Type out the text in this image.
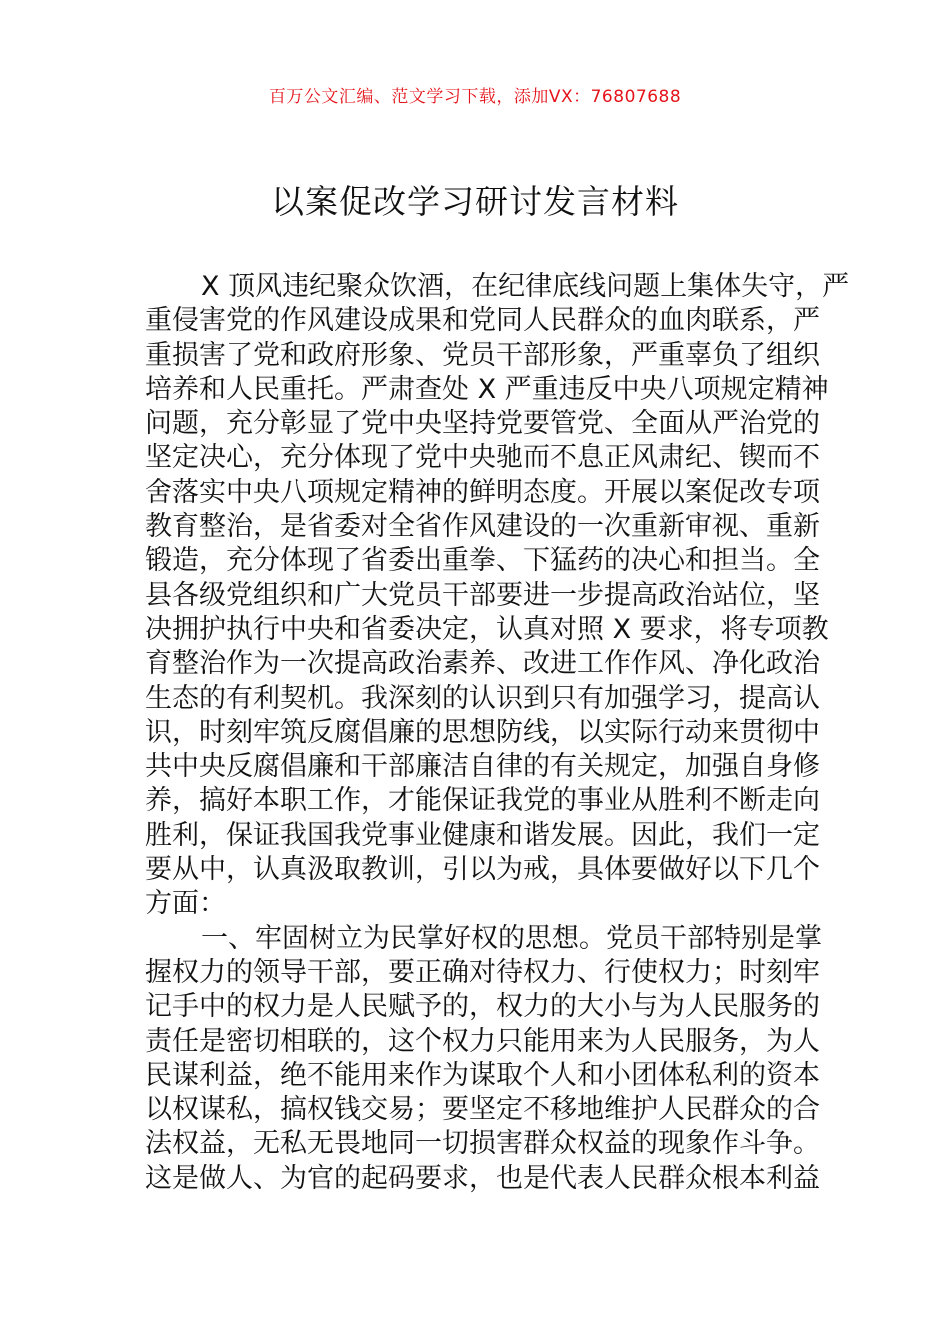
百万公文汇编、范文学习下载，添加VX：76807688
以案促改学习研讨发言材料
X 顶风违纪聚众饮酒，在纪律底线问题上集体失守，严
重侵害党的作风建设成果和党同人民群众的血肉联系，严
重损害了党和政府形象、党员干部形象，严重辜负了组织
培养和人民重托。严肃查处 X 严重违反中央八项规定精神
问题，充分彰显了党中央坚持党要管党、全面从严治党的
坚定决心，充分体现了党中央驰而不息正风肃纪、锲而不
舍落实中央八项规定精神的鲜明态度。开展以案促改专项
教育整治，是省委对全省作风建设的一次重新审视、重新
锻造，充分体现了省委出重拳、下猛药的决心和担当。全
县各级党组织和广大党员干部要进一步提高政治站位，坚
决拥护执行中央和省委决定，认真对照 X 要求，将专项教
育整治作为一次提高政治素养、改进工作作风、净化政治
生态的有利契机。我深刻的认识到只有加强学习，提高认
识，时刻牢筑反腐倡廉的思想防线，以实际行动来贯彻中
共中央反腐倡廉和干部廉洁自律的有关规定，加强自身修
养，搞好本职工作，才能保证我党的事业从胜利不断走向
胜利，保证我国我党事业健康和谐发展。因此，我们一定
要从中，认真汲取教训，引以为戒，具体要做好以下几个
方面：
一、牢固树立为民掌好权的思想。党员干部特别是掌
握权力的领导干部，要正确对待权力、行使权力；时刻牢
记手中的权力是人民赋予的，权力的大小与为人民服务的
责任是密切相联的，这个权力只能用来为人民服务，为人
民谋利益，绝不能用来作为谋取个人和小团体私利的资本
以权谋私，搞权钱交易；要坚定不移地维护人民群众的合
法权益，无私无畏地同一切损害群众权益的现象作斗争。
这是做人、为官的起码要求，也是代表人民群众根本利益
